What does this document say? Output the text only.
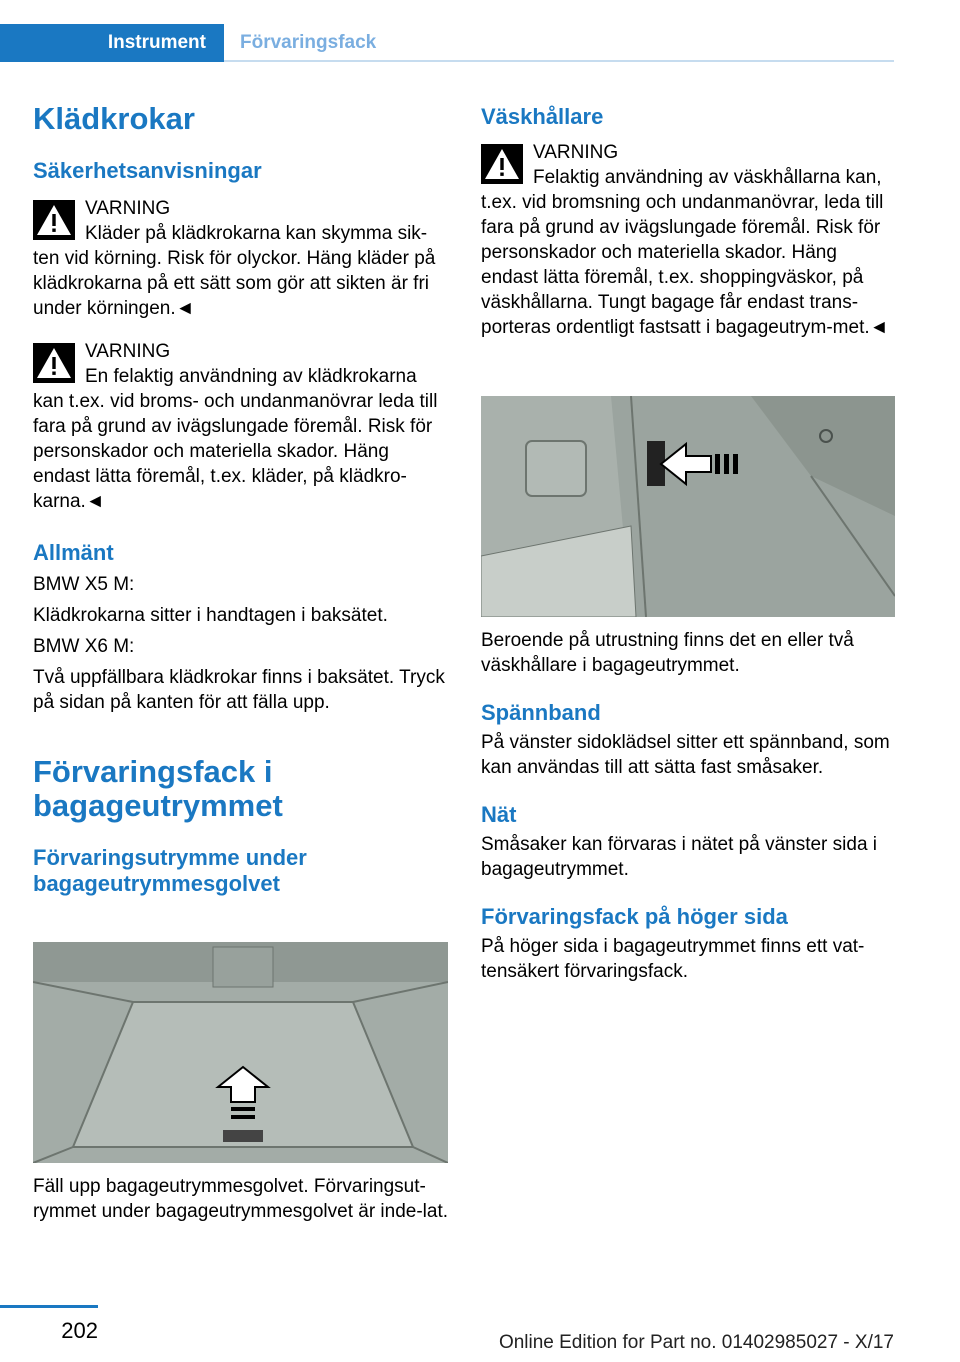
Instrument Förvaringsfack
Klädkrokar
Säkerhetsanvisningar

VARNING

Kläder på klädkrokarna kan skymma sik-

ten vid körning. Risk för olyckor. Häng kläder på klädkrokarna på ett sätt som gör att sikten är fri under körningen.◄

VARNING

En felaktig användning av klädkrokarna

kan t.ex. vid broms- och undanmanövrar leda till fara på grund av ivägslungade föremål. Risk för personskador och materiella skador. Häng endast lätta föremål, t.ex. kläder, på klädkro-karna.◄

Allmänt

BMW X5 M:

Klädkrokarna sitter i handtagen i baksätet.

BMW X6 M:

Två uppfällbara klädkrokar finns i baksätet. Tryck på sidan på kanten för att fälla upp.

Förvaringsfack i bagageutrymmet
Förvaringsutrymme under bagageutrymmesgolvet

Fäll upp bagageutrymmesgolvet. Förvaringsut-rymmet under bagageutrymmesgolvet är inde-lat.

Väskhållare

VARNING

Felaktig användning av väskhållarna kan,

t.ex. vid bromsning och undanmanövrar, leda till fara på grund av ivägslungade föremål. Risk för personskador och materiella skador. Häng endast lätta föremål, t.ex. shoppingväskor, på väskhållarna. Tungt bagage får endast trans-porteras ordentligt fastsatt i bagageutrym-met.◄

Beroende på utrustning finns det en eller två väskhållare i bagageutrymmet.

Spännband

På vänster sidoklädsel sitter ett spännband, som kan användas till att sätta fast småsaker.

Nät

Småsaker kan förvaras i nätet på vänster sida i bagageutrymmet.

Förvaringsfack på höger sida

På höger sida i bagageutrymmet finns ett vat-tensäkert förvaringsfack.

202	Online Edition for Part no. 01402985027 - X/17
